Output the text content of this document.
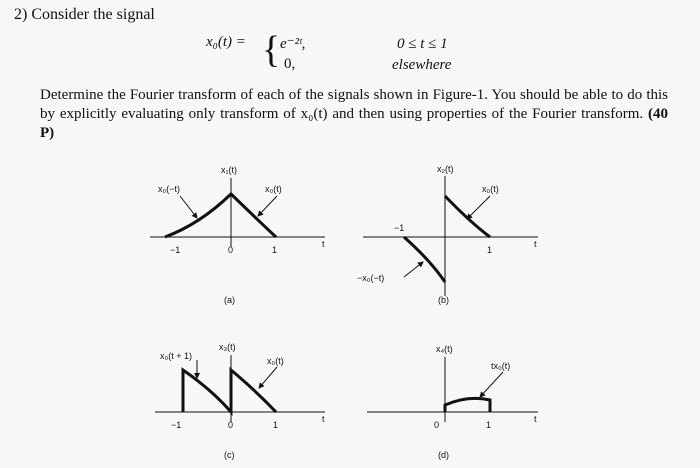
2) Consider the signal
x₀(t) = { e⁻²ᵗ,
0,
0 ≤ t ≤ 1
elsewhere
Determine the Fourier transform of each of the signals shown in Figure-1. You should be able to do this by explicitly evaluating only transform of x₀(t) and then using properties of the Fourier transform. (40 P)
x₁(t)
x₀(−t)	x₀(t)
−1	0	1
t
(a)
x₂(t)
x₀(t)
−x₀(−t)
−1
1
t
(b)
x₃(t)
x₀(t + 1)	x₀(t)
−1	0	1
t
(c)
x₄(t)
tx₀(t)
0	1
t
(d)
